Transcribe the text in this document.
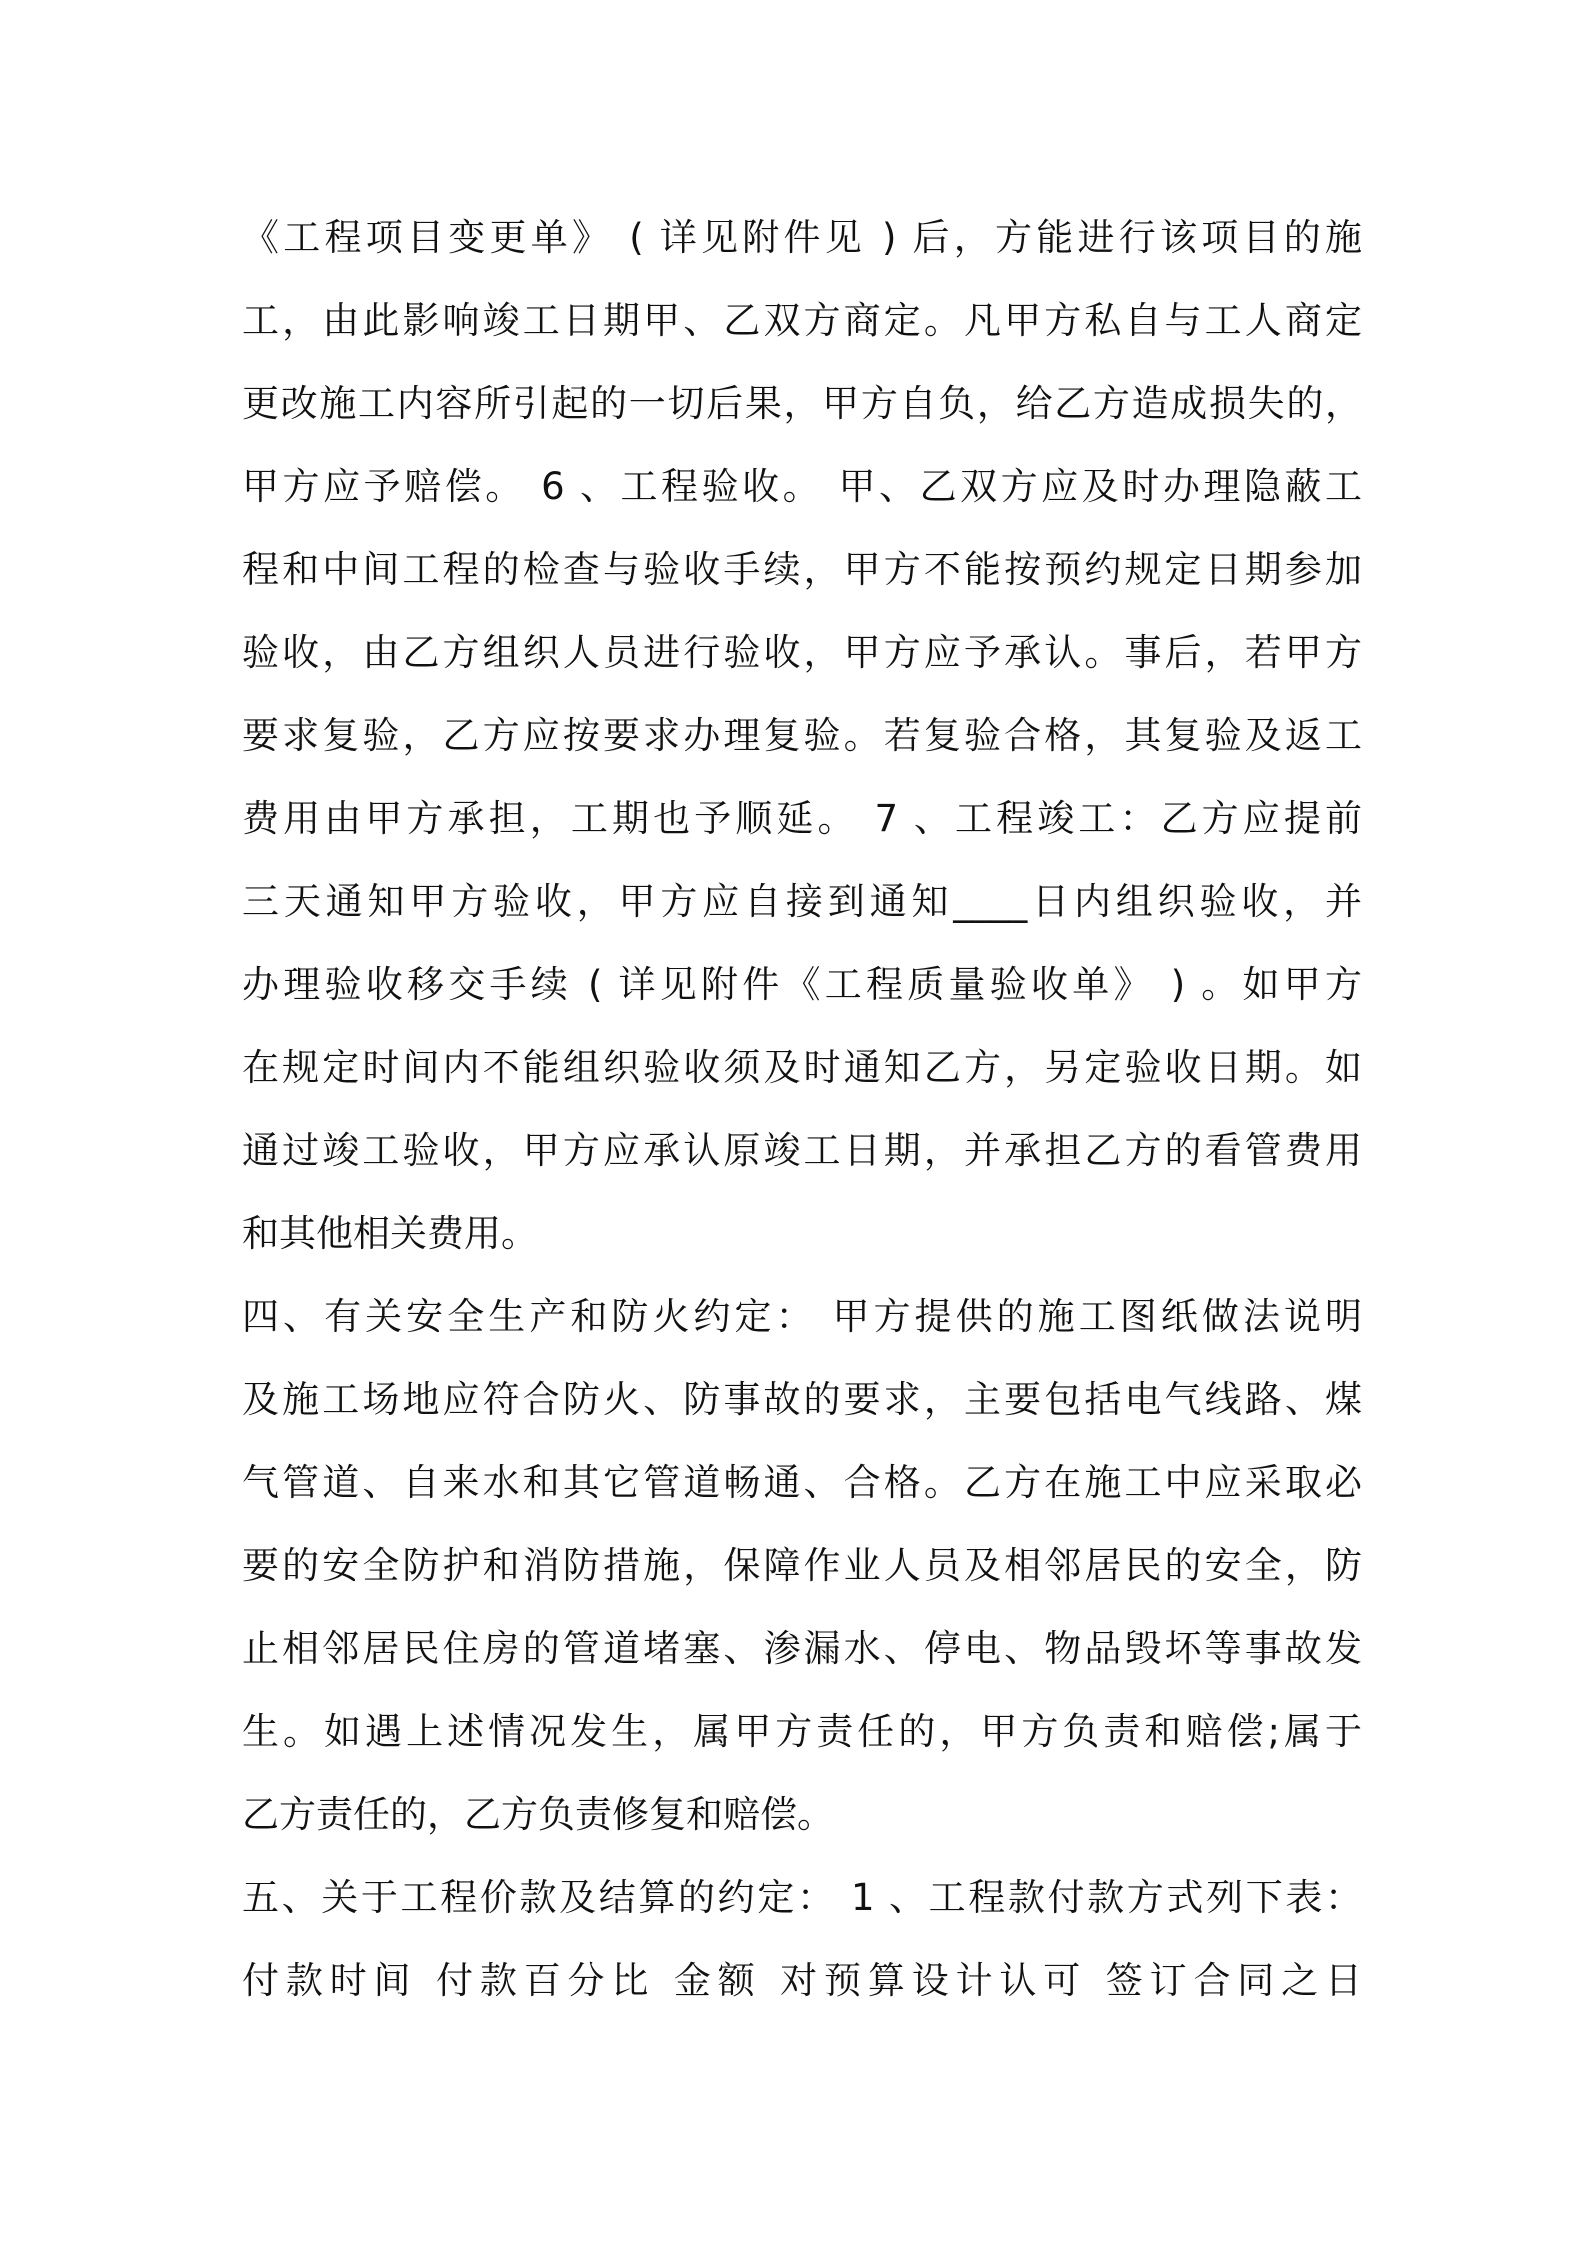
《工程项目变更单》 ( 详见附件见 ) 后，方能进行该项目的施
工，由此影响竣工日期甲、乙双方商定。凡甲方私自与工人商定
更改施工内容所引起的一切后果，甲方自负，给乙方造成损失的，
甲方应予赔偿。 6 、工程验收。 甲、乙双方应及时办理隐蔽工
程和中间工程的检查与验收手续，甲方不能按预约规定日期参加
验收，由乙方组织人员进行验收，甲方应予承认。事后，若甲方
要求复验，乙方应按要求办理复验。若复验合格，其复验及返工
费用由甲方承担，工期也予顺延。 7 、工程竣工：乙方应提前
三天通知甲方验收，甲方应自接到通知____日内组织验收，并
办理验收移交手续 ( 详见附件《工程质量验收单》 ) 。如甲方
在规定时间内不能组织验收须及时通知乙方，另定验收日期。如
通过竣工验收，甲方应承认原竣工日期，并承担乙方的看管费用
和其他相关费用。
四、有关安全生产和防火约定： 甲方提供的施工图纸做法说明
及施工场地应符合防火、防事故的要求，主要包括电气线路、煤
气管道、自来水和其它管道畅通、合格。乙方在施工中应采取必
要的安全防护和消防措施，保障作业人员及相邻居民的安全，防
止相邻居民住房的管道堵塞、渗漏水、停电、物品毁坏等事故发
生。如遇上述情况发生，属甲方责任的，甲方负责和赔偿;属于
乙方责任的，乙方负责修复和赔偿。
五、关于工程价款及结算的约定： 1 、工程款付款方式列下表：
付款时间 付款百分比 金额 对预算设计认可 签订合同之日
